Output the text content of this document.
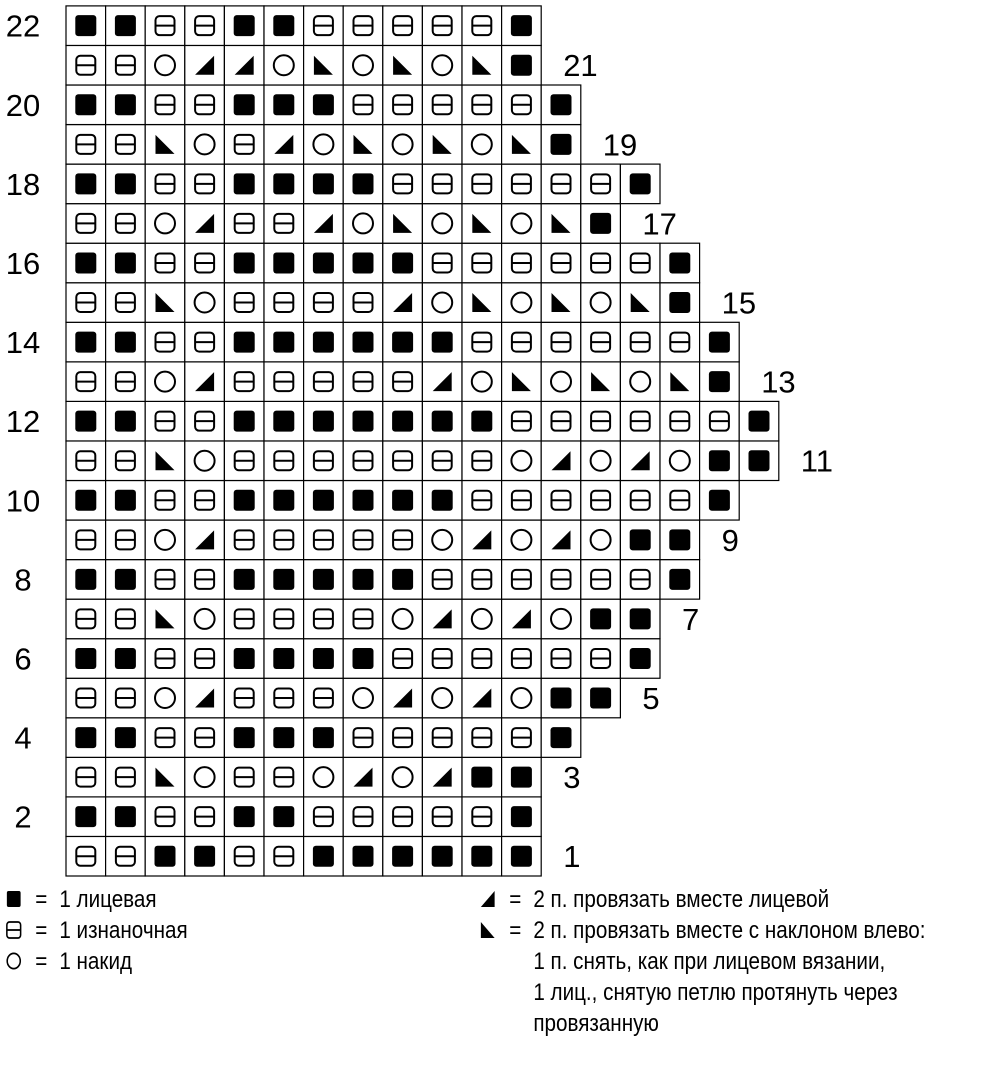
1
2
3
4
5
6
7
8
9
10
11
12
13
14
15
16
17
18
19
20
21
22
= 1 лицевая
= 1 изнаночная
= 1 накид
= 2 п. провязать вместе лицевой
= 2 п. провязать вместе с наклоном влево:
1 п. снять, как при лицевом вязании,
1 лиц., снятую петлю протянуть через
провязанную
